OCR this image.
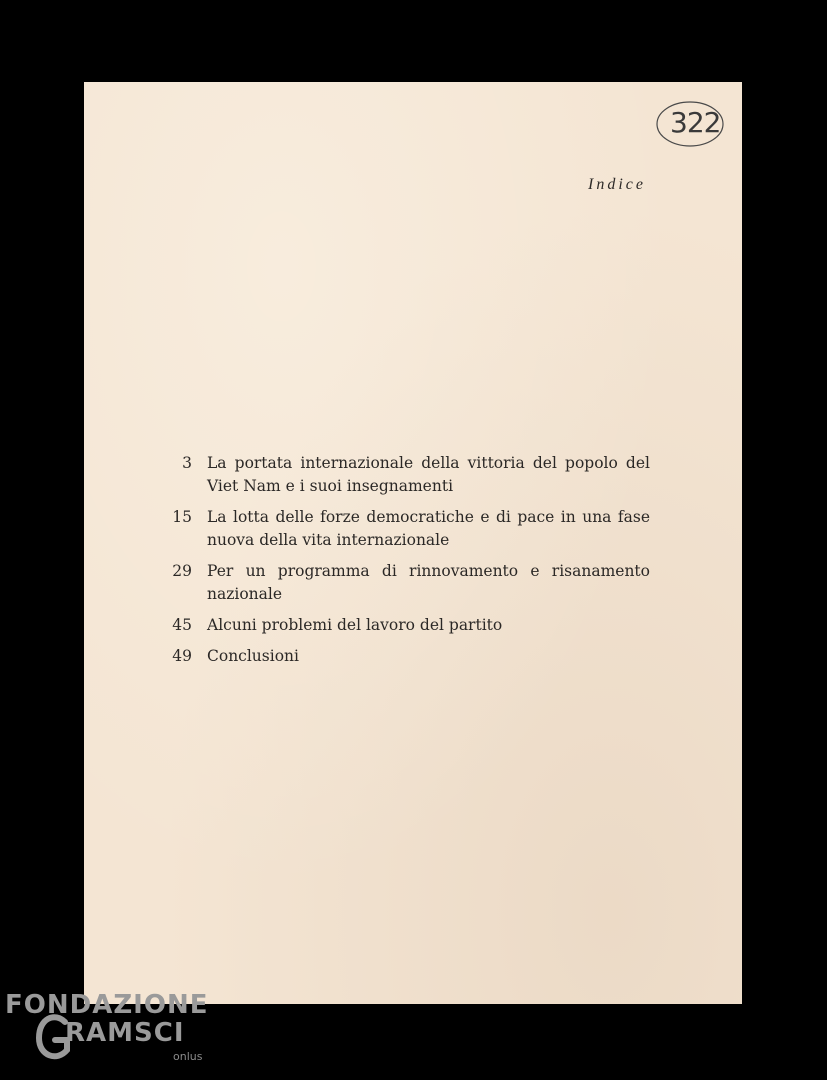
322
Indice
3 La portata internazionale della vittoria del popolo del Viet Nam e i suoi insegnamenti
15 La lotta delle forze democratiche e di pace in una fase nuova della vita internazionale
29 Per un programma di rinnovamento e risanamento nazionale
45 Alcuni problemi del lavoro del partito
49 Conclusioni
FONDAZIONE
RAMSCI
onlus
